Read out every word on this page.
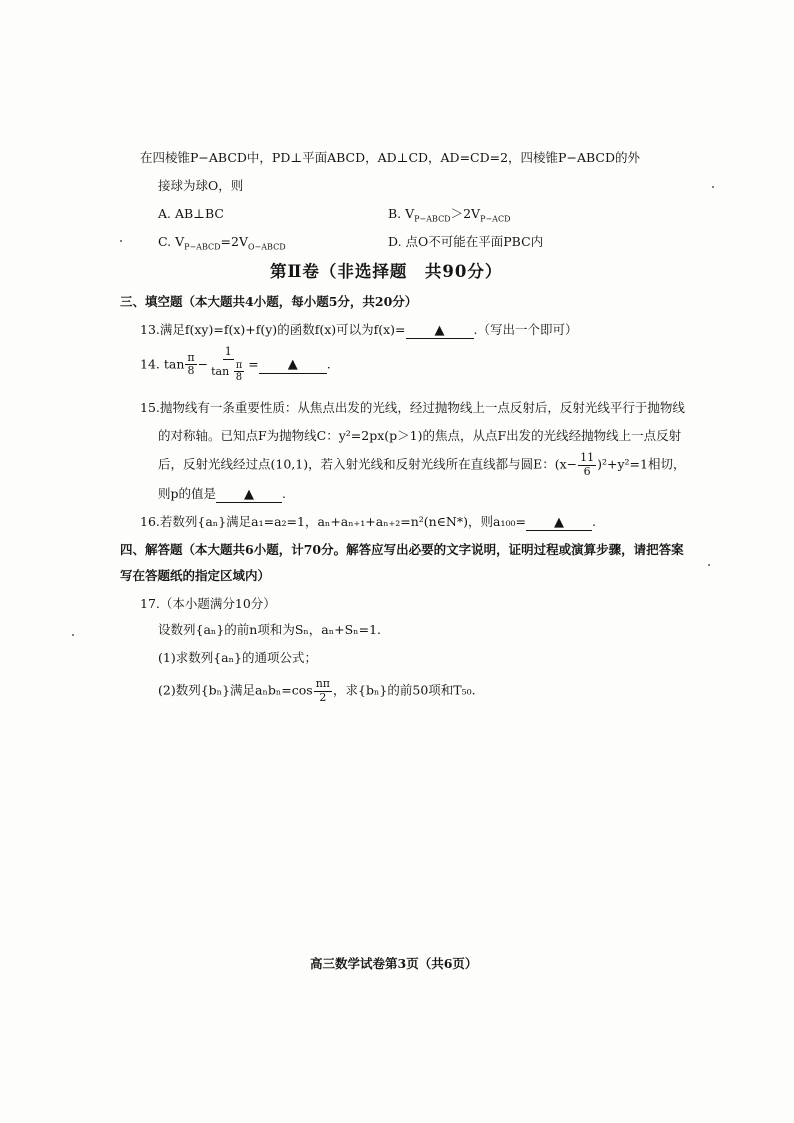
在四棱锥P−ABCD中，PD⊥平面ABCD，AD⊥CD，AD=CD=2，四棱锥P−ABCD的外
接球为球O，则
A. AB⊥BC	B. $V_{P-ABCD}>2V_{P-ACD}$
C. $V_{P-ABCD}=2V_{O-ABCD}$	D. 点O不可能在平面PBC内
第Ⅱ卷（非选择题　共90分）
三、填空题（本大题共4小题，每小题5分，共20分）
13.满足f(xy)=f(x)+f(y)的函数f(x)可以为f(x)= ▲ .（写出一个即可）
14. $\tan \frac{\pi}{8} - \frac{1}{\tan \frac{\pi}{8}}$ = ▲ .
15.抛物线有一条重要性质：从焦点出发的光线，经过抛物线上一点反射后，反射光线平行于抛物线
的对称轴。已知点F为抛物线C：y²=2px(p＞1)的焦点，从点F出发的光线经抛物线上一点反射
后，反射光线经过点(10,1)，若入射光线和反射光线所在直线都与圆E：$(x- \frac{11}{6} )^2+y^2=1$相切，
则p的值是 ▲ .
16.若数列{aₙ}满足a₁=a₂=1，aₙ+aₙ₊₁+aₙ₊₂=n²(n∈N*)，则a₁₀₀= ▲ .
四、解答题（本大题共6小题，计70分。解答应写出必要的文字说明，证明过程或演算步骤，请把答案
写在答题纸的指定区域内）
17.（本小题满分10分）
设数列{aₙ}的前n项和为Sₙ，aₙ+Sₙ=1.
(1)求数列{aₙ}的通项公式；
(2)数列{bₙ}满足$a_nb_n=\cos \frac{n\pi}{2}$ ，求{bₙ}的前50项和T₅₀.
高三数学试卷第3页（共6页）
